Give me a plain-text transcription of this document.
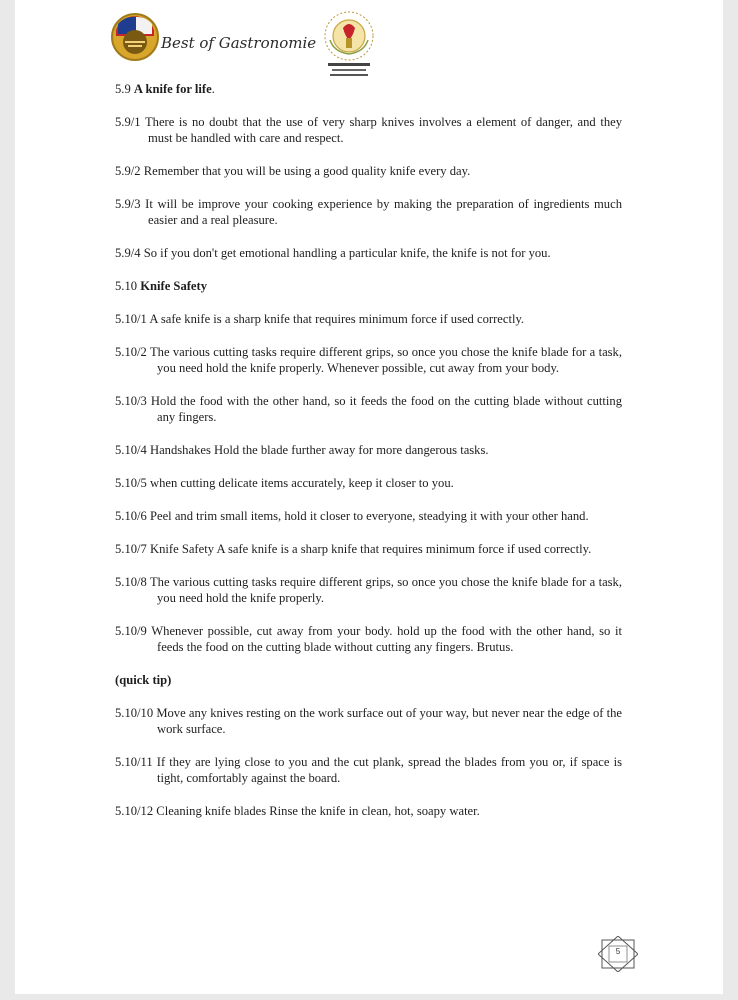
Best of Gastronomie
5

5.9 A knife for life.

5.9/1 There is no doubt that the use of very sharp knives involves a element of danger, and they must be handled with care and respect.

5.9/2 Remember that you will be using a good quality knife every day.

5.9/3 It will be improve your cooking experience by making the preparation of ingredients much easier and a real pleasure.

5.9/4 So if you don't get emotional handling a particular knife, the knife is not for you.

5.10 Knife Safety

5.10/1 A safe knife is a sharp knife that requires minimum force if used correctly.

5.10/2 The various cutting tasks require different grips, so once you chose the knife blade for a task, you need hold the knife properly. Whenever possible, cut away from your body.

5.10/3 Hold the food with the other hand, so it feeds the food on the cutting blade without cutting any fingers.

5.10/4 Handshakes Hold the blade further away for more dangerous tasks.

5.10/5 when cutting delicate items accurately, keep it closer to you.

5.10/6 Peel and trim small items, hold it closer to everyone, steadying it with your other hand.

5.10/7 Knife Safety A safe knife is a sharp knife that requires minimum force if used correctly.

5.10/8 The various cutting tasks require different grips, so once you chose the knife blade for a task, you need hold the knife properly.

5.10/9 Whenever possible, cut away from your body. hold up the food with the other hand, so it feeds the food on the cutting blade without cutting any fingers. Brutus.

(quick tip)

5.10/10 Move any knives resting on the work surface out of your way, but never near the edge of the work surface.

5.10/11 If they are lying close to you and the cut plank, spread the blades from you or, if space is tight, comfortably against the board.

5.10/12 Cleaning knife blades Rinse the knife in clean, hot, soapy water.
